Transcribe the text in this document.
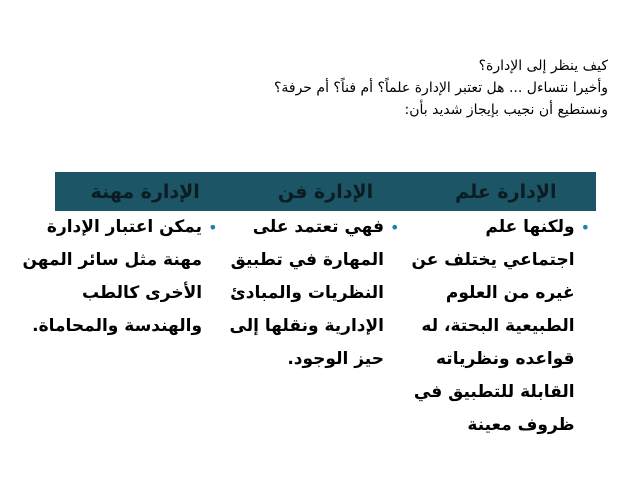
كيف ينظر إلى الإدارة؟
وأخيرا نتساءل ... هل تعتبر الإدارة علماً؟ أم فناً؟ أم حرفة؟
ونستطيع أن نجيب بإيجاز شديد بأن:
الإدارة علم
الإدارة فن
الإدارة مهنة
•
ولكنها علم
اجتماعي يختلف عن
غيره من العلوم
الطبيعية البحتة، له
قواعده ونظرياته
القابلة للتطبيق في
ظروف معينة
•
فهي تعتمد على
المهارة في تطبيق
النظريات والمبادئ
الإدارية ونقلها إلى
حيز الوجود.
•
يمكن اعتبار الإدارة
مهنة مثل سائر المهن
الأخرى كالطب
والهندسة والمحاماة.
